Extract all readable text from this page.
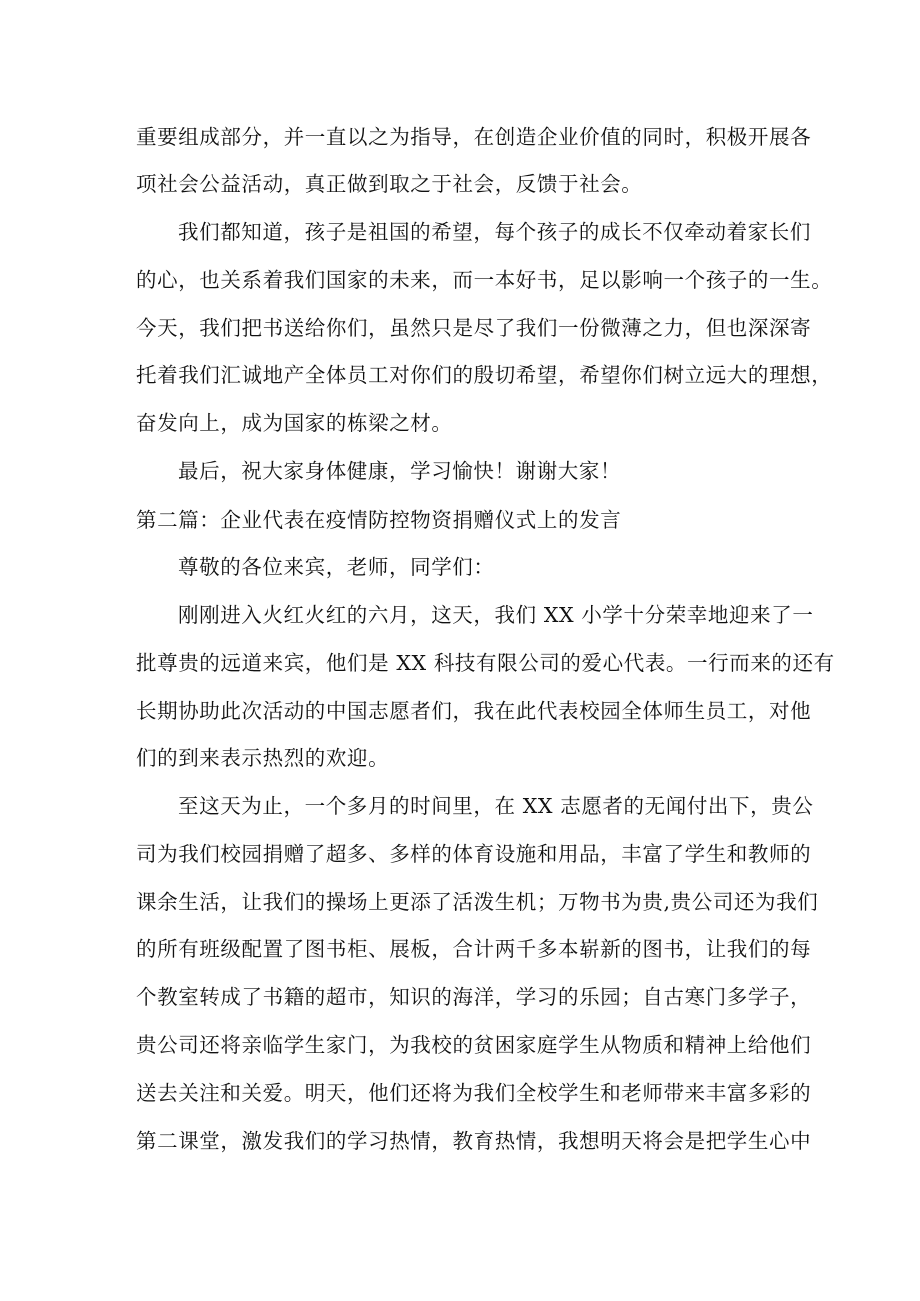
重要组成部分，并一直以之为指导，在创造企业价值的同时，积极开展各
项社会公益活动，真正做到取之于社会，反馈于社会。
我们都知道，孩子是祖国的希望，每个孩子的成长不仅牵动着家长们
的心，也关系着我们国家的未来，而一本好书，足以影响一个孩子的一生。
今天，我们把书送给你们，虽然只是尽了我们一份微薄之力，但也深深寄
托着我们汇诚地产全体员工对你们的殷切希望，希望你们树立远大的理想，
奋发向上，成为国家的栋梁之材。
最后，祝大家身体健康，学习愉快！谢谢大家！
第二篇：企业代表在疫情防控物资捐赠仪式上的发言
尊敬的各位来宾，老师，同学们：
刚刚进入火红火红的六月，这天，我们 XX 小学十分荣幸地迎来了一
批尊贵的远道来宾，他们是 XX 科技有限公司的爱心代表。一行而来的还有
长期协助此次活动的中国志愿者们，我在此代表校园全体师生员工，对他
们的到来表示热烈的欢迎。
至这天为止，一个多月的时间里，在 XX 志愿者的无闻付出下，贵公
司为我们校园捐赠了超多、多样的体育设施和用品，丰富了学生和教师的
课余生活，让我们的操场上更添了活泼生机；万物书为贵,贵公司还为我们
的所有班级配置了图书柜、展板，合计两千多本崭新的图书，让我们的每
个教室转成了书籍的超市，知识的海洋，学习的乐园；自古寒门多学子，
贵公司还将亲临学生家门，为我校的贫困家庭学生从物质和精神上给他们
送去关注和关爱。明天，他们还将为我们全校学生和老师带来丰富多彩的
第二课堂，激发我们的学习热情，教育热情，我想明天将会是把学生心中
